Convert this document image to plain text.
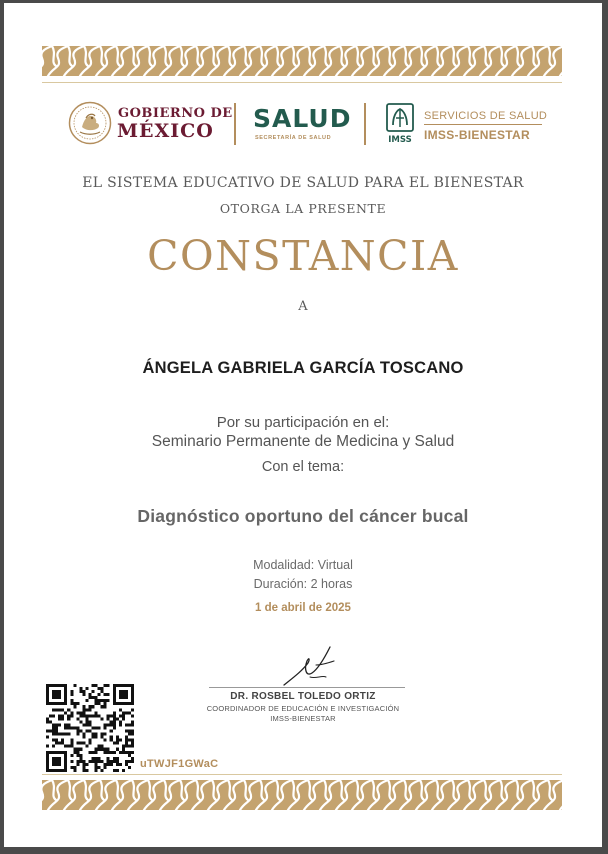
GOBIERNO DE
MÉXICO SALUD
SECRETARÍA DE SALUD	IMSS
SERVICIOS DE SALUD
IMSS-BIENESTAR
EL SISTEMA EDUCATIVO DE SALUD PARA EL BIENESTAR
OTORGA LA PRESENTE
CONSTANCIA
A
ÁNGELA GABRIELA GARCÍA TOSCANO
Por su participación en el:
Seminario Permanente de Medicina y Salud
Con el tema:
Diagnóstico oportuno del cáncer bucal
Modalidad: Virtual
Duración: 2 horas
1 de abril de 2025
DR. ROSBEL TOLEDO ORTIZ
COORDINADOR DE EDUCACIÓN E INVESTIGACIÓN
IMSS-BIENESTAR
uTWJF1GWaC
